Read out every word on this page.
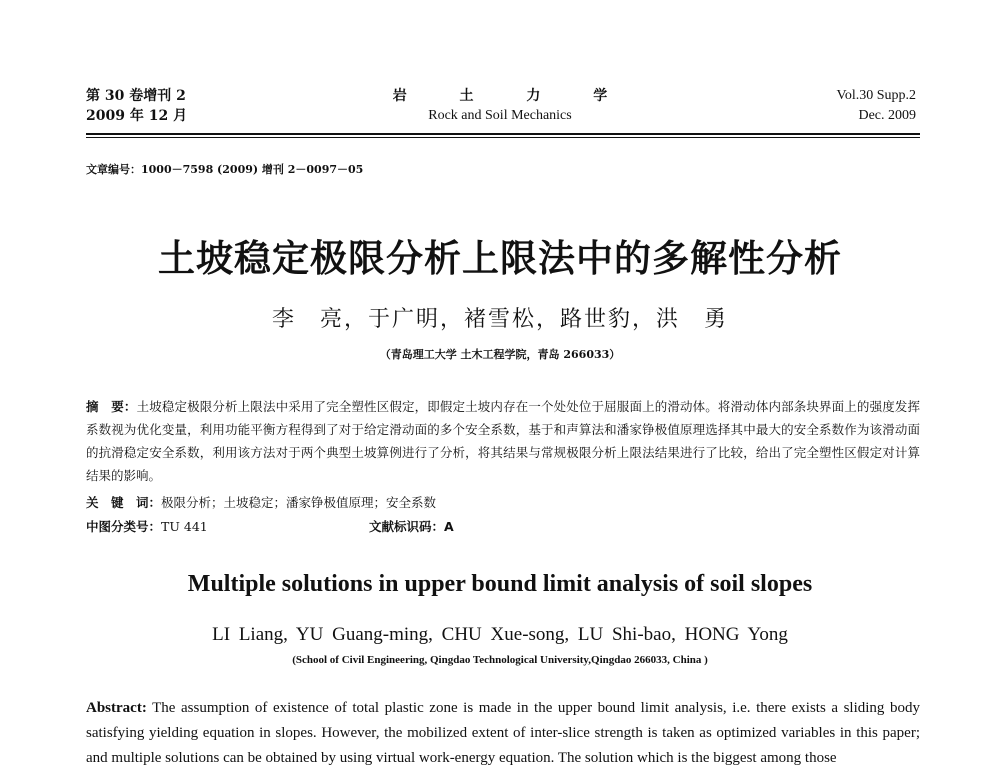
第 30 卷增刊 2
2009 年 12 月
岩 土 力 学
Rock and Soil Mechanics
Vol.30 Supp.2
Dec. 2009
文章编号：1000－7598 (2009) 增刊 2－0097－05
土坡稳定极限分析上限法中的多解性分析
李　亮，于广明，褚雪松，路世豹，洪　勇
（青岛理工大学 土木工程学院，青岛 266033）
摘　要：土坡稳定极限分析上限法中采用了完全塑性区假定，即假定土坡内存在一个处处位于屈服面上的滑动体。将滑动体内部条块界面上的强度发挥系数视为优化变量，利用功能平衡方程得到了对于给定滑动面的多个安全系数，基于和声算法和潘家铮极值原理选择其中最大的安全系数作为该滑动面的抗滑稳定安全系数，利用该方法对于两个典型土坡算例进行了分析，将其结果与常规极限分析上限法结果进行了比较，给出了完全塑性区假定对计算结果的影响。
关　键　词：极限分析；土坡稳定；潘家铮极值原理；安全系数
中图分类号：TU 441	文献标识码：A
Multiple solutions in upper bound limit analysis of soil slopes
LI Liang, YU Guang-ming, CHU Xue-song, LU Shi-bao, HONG Yong
(School of Civil Engineering, Qingdao Technological University,Qingdao 266033, China )
Abstract: The assumption of existence of total plastic zone is made in the upper bound limit analysis, i.e. there exists a sliding body satisfying yielding equation in slopes. However, the mobilized extent of inter-slice strength is taken as optimized variables in this paper; and multiple solutions can be obtained by using virtual work-energy equation. The solution which is the biggest among those
